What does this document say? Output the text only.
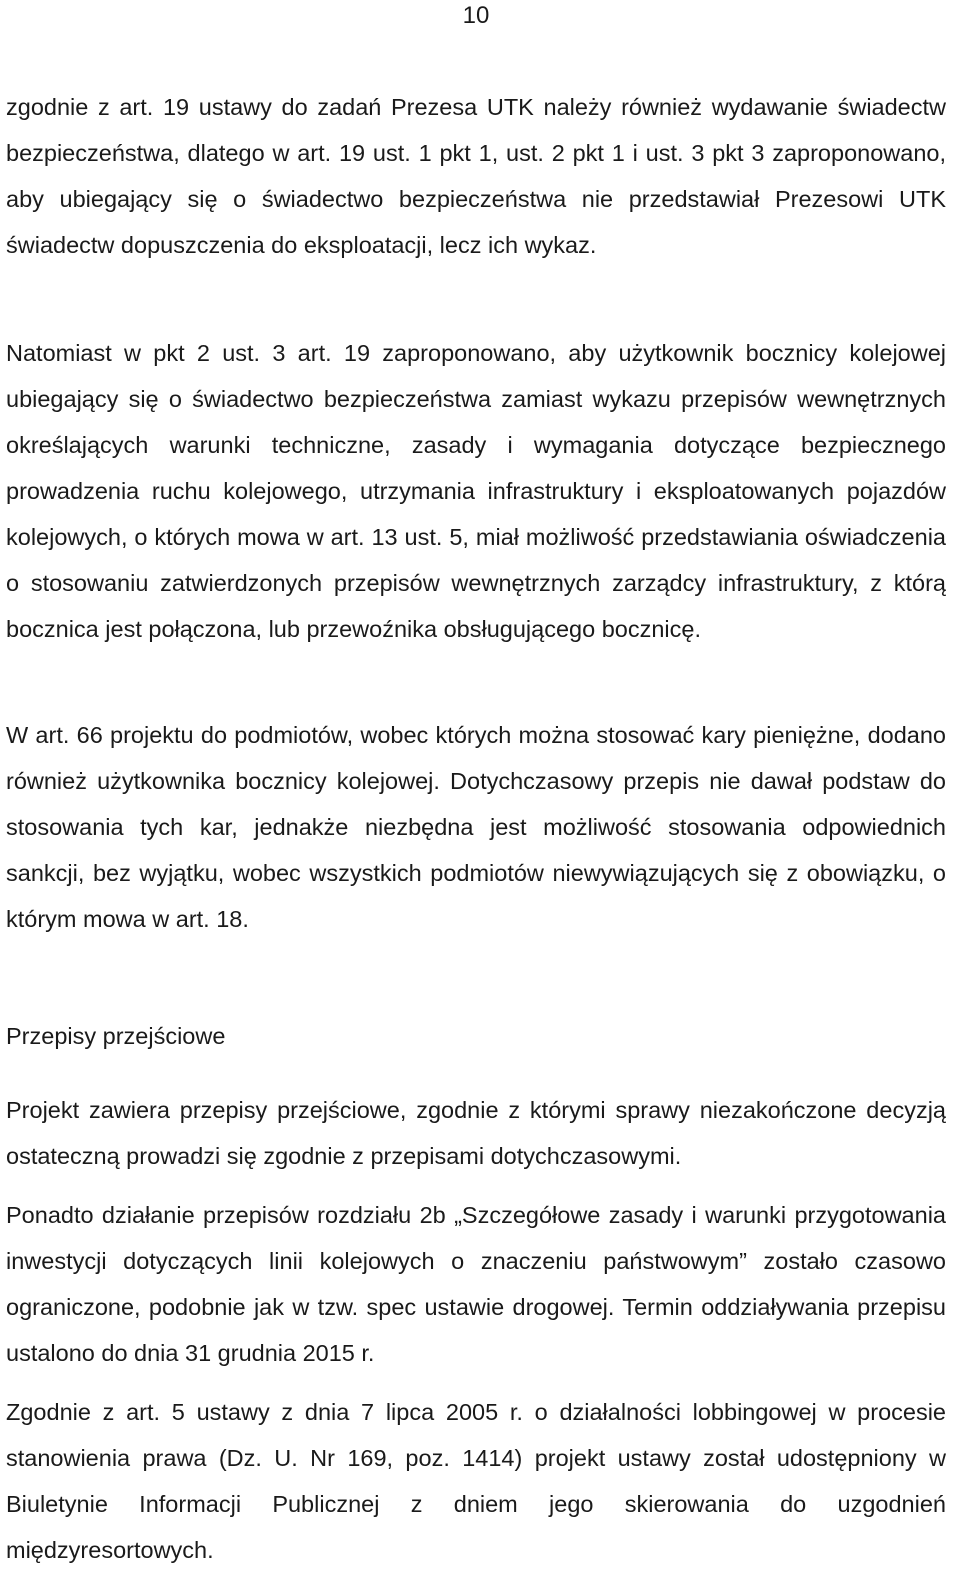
10

zgodnie z art. 19 ustawy do zadań Prezesa UTK należy również wydawanie świadectw bezpieczeństwa, dlatego w art. 19 ust. 1 pkt 1, ust. 2 pkt 1 i ust. 3 pkt 3 zaproponowano, aby ubiegający się o świadectwo bezpieczeństwa nie przedstawiał Prezesowi UTK świadectw dopuszczenia do eksploatacji, lecz ich wykaz.

Natomiast w pkt 2 ust. 3 art. 19 zaproponowano, aby użytkownik bocznicy kolejowej ubiegający się o świadectwo bezpieczeństwa zamiast wykazu przepisów wewnętrznych określających warunki techniczne, zasady i wymagania dotyczące bezpiecznego prowadzenia ruchu kolejowego, utrzymania infrastruktury i eksploatowanych pojazdów kolejowych, o których mowa w art. 13 ust. 5, miał możliwość przedstawiania oświadczenia o stosowaniu zatwierdzonych przepisów wewnętrznych zarządcy infrastruktury, z którą bocznica jest połączona, lub przewoźnika obsługującego bocznicę.

W art. 66 projektu do podmiotów, wobec których można stosować kary pieniężne, dodano również użytkownika bocznicy kolejowej. Dotychczasowy przepis nie dawał podstaw do stosowania tych kar, jednakże niezbędna jest możliwość stosowania odpowiednich sankcji, bez wyjątku, wobec wszystkich podmiotów niewywiązujących się z obowiązku, o którym mowa w art. 18.

Przepisy przejściowe

Projekt zawiera przepisy przejściowe, zgodnie z którymi sprawy niezakończone decyzją ostateczną prowadzi się zgodnie z przepisami dotychczasowymi.

Ponadto działanie przepisów rozdziału 2b „Szczegółowe zasady i warunki przygotowania inwestycji dotyczących linii kolejowych o znaczeniu państwowym” zostało czasowo ograniczone, podobnie jak w tzw. spec ustawie drogowej. Termin oddziaływania przepisu ustalono do dnia 31 grudnia 2015 r.

Zgodnie z art. 5 ustawy z dnia 7 lipca 2005 r. o działalności lobbingowej w procesie stanowienia prawa (Dz. U. Nr 169, poz. 1414) projekt ustawy został udostępniony w Biuletynie Informacji Publicznej z dniem jego skierowania do uzgodnień międzyresortowych.
